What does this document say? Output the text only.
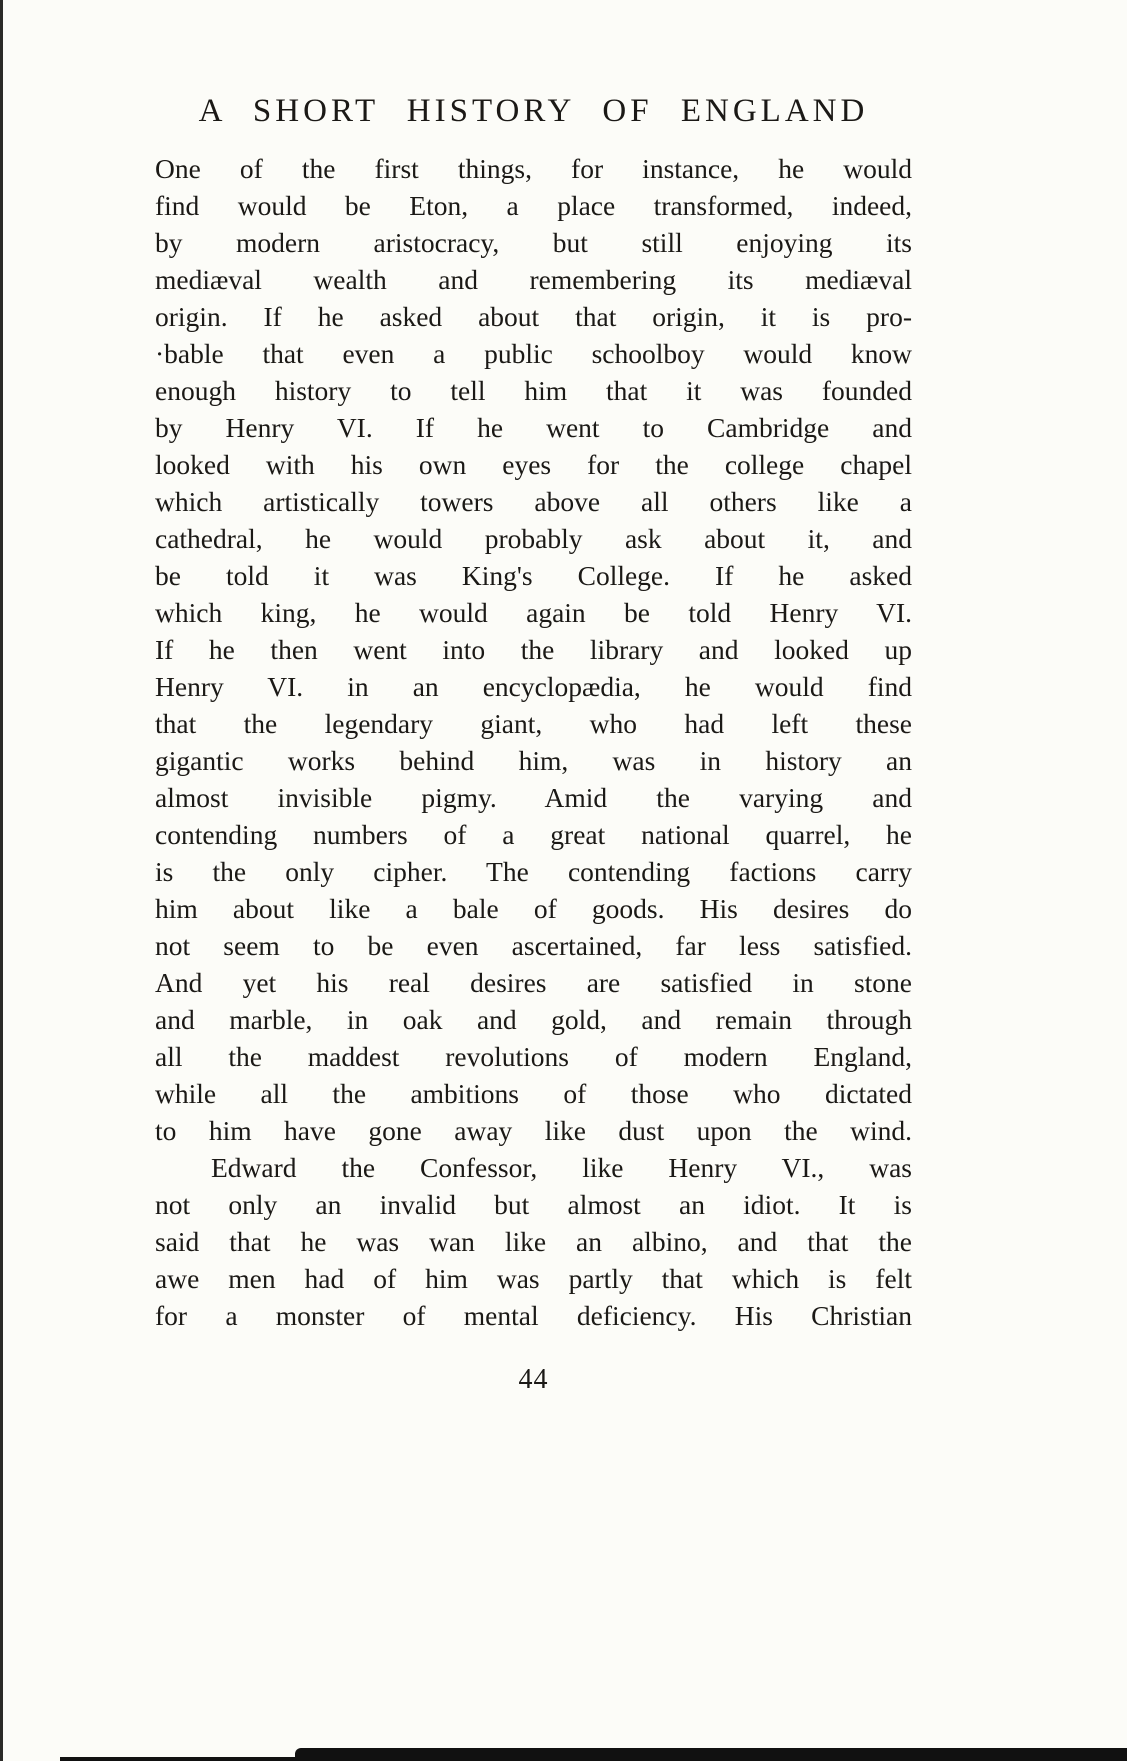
A SHORT HISTORY OF ENGLAND
One of the first things, for instance, he would
find would be Eton, a place transformed, indeed,
by modern aristocracy, but still enjoying its
mediæval wealth and remembering its mediæval
origin. If he asked about that origin, it is pro-
·bable that even a public schoolboy would know
enough history to tell him that it was founded
by Henry VI. If he went to Cambridge and
looked with his own eyes for the college chapel
which artistically towers above all others like a
cathedral, he would probably ask about it, and
be told it was King's College. If he asked
which king, he would again be told Henry VI.
If he then went into the library and looked up
Henry VI. in an encyclopædia, he would find
that the legendary giant, who had left these
gigantic works behind him, was in history an
almost invisible pigmy. Amid the varying and
contending numbers of a great national quarrel, he
is the only cipher. The contending factions carry
him about like a bale of goods. His desires do
not seem to be even ascertained, far less satisfied.
And yet his real desires are satisfied in stone
and marble, in oak and gold, and remain through
all the maddest revolutions of modern England,
while all the ambitions of those who dictated
to him have gone away like dust upon the wind.
Edward the Confessor, like Henry VI., was
not only an invalid but almost an idiot. It is
said that he was wan like an albino, and that the
awe men had of him was partly that which is felt
for a monster of mental deficiency. His Christian
44
